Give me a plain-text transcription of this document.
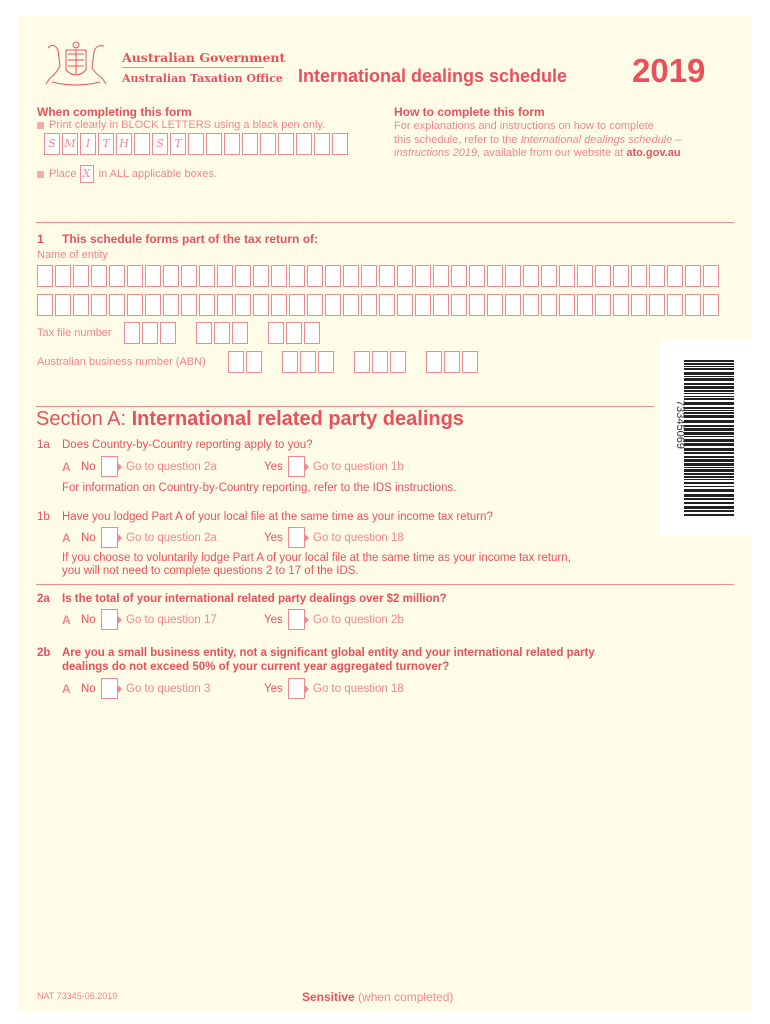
Australian Government
Australian Taxation Office International dealings schedule 2019
When completing this form
Print clearly in BLOCK LETTERS using a black pen only.
S M I	T H	S T
Place X in ALL applicable boxes.
How to complete this form
For explanations and instructions on how to complete
this schedule, refer to the International dealings schedule –
instructions 2019, available from our website at ato.gov.au
1 This schedule forms part of the tax return of:
Name of entity
Tax file number
Australian business number (ABN)
73345069
Section A: International related party dealings
1a Does Country-by-Country reporting apply to you?
A No	Go to question 2a	Yes	Go to question 1b
For information on Country-by-Country reporting, refer to the IDS instructions.
1b Have you lodged Part A of your local file at the same time as your income tax return?
A No	Go to question 2a	Yes	Go to question 18
If you choose to voluntarily lodge Part A of your local file at the same time as your income tax return,
you will not need to complete questions 2 to 17 of the IDS.
2a Is the total of your international related party dealings over $2 million?
A No	Go to question 17	Yes	Go to question 2b
2b Are you a small business entity, not a significant global entity and your international related party
dealings do not exceed 50% of your current year aggregated turnover?
A No	Go to question 3	Yes	Go to question 18
NAT 73345-06.2019	Sensitive (when completed)
